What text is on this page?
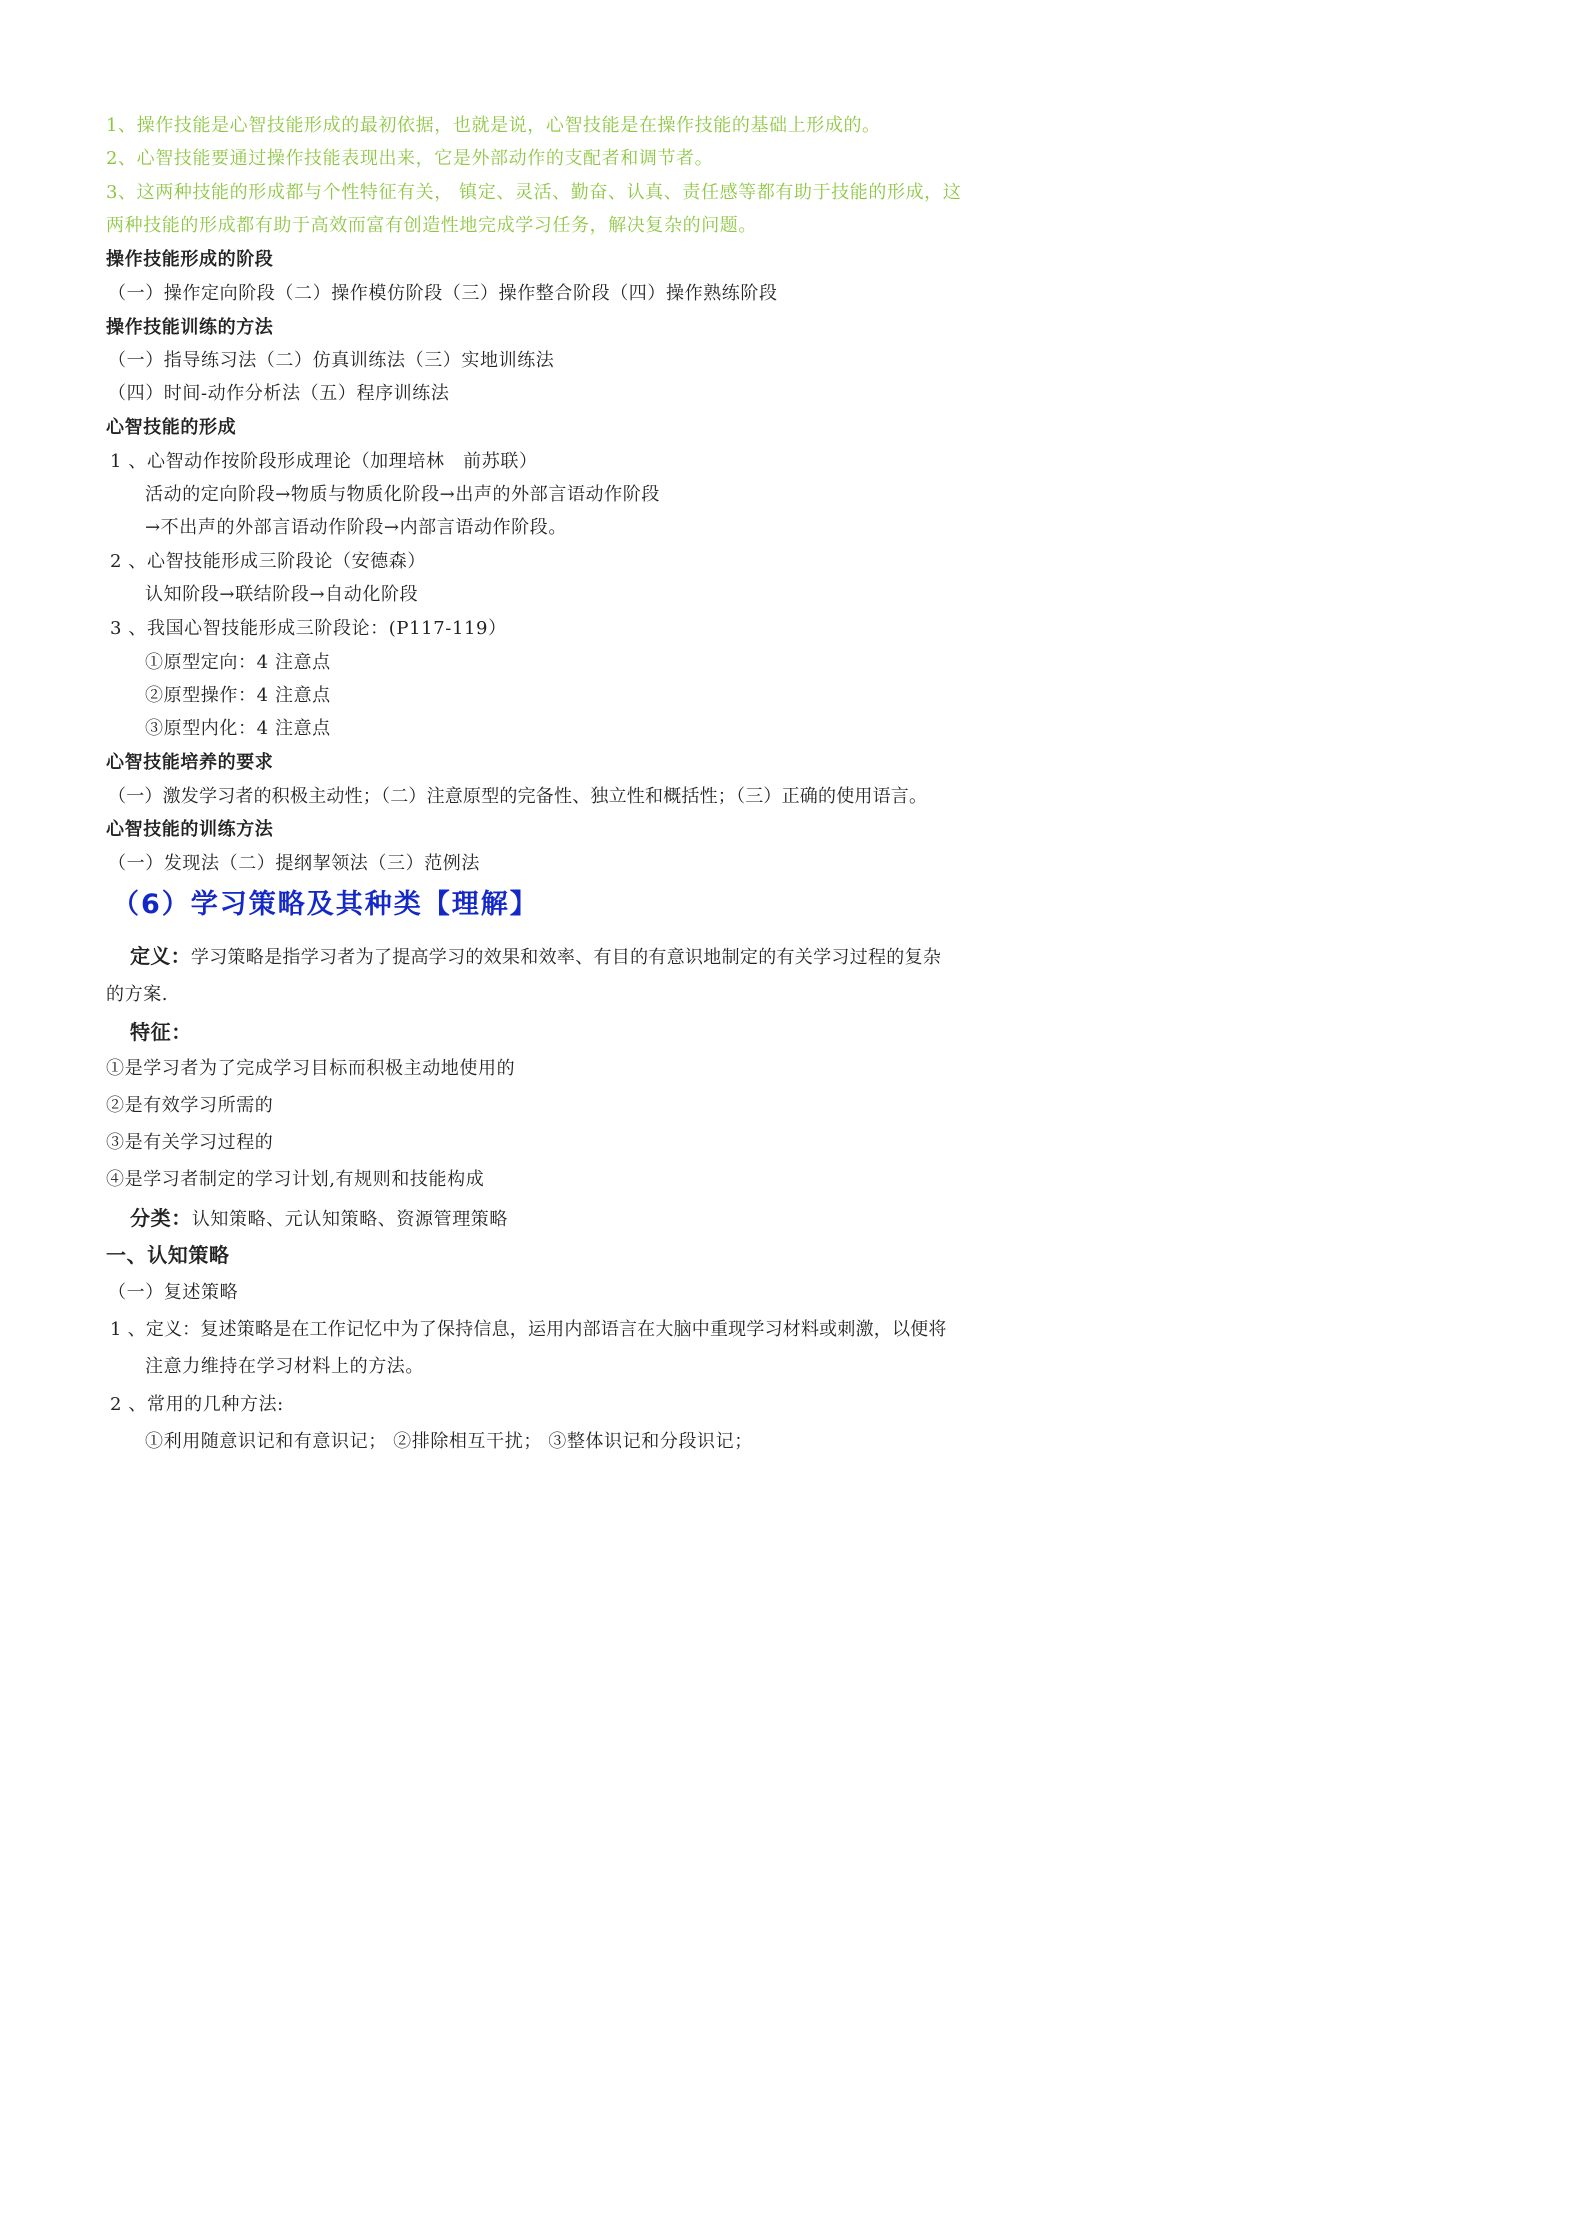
1、操作技能是心智技能形成的最初依据，也就是说，心智技能是在操作技能的基础上形成的。
2、心智技能要通过操作技能表现出来，它是外部动作的支配者和调节者。
3、这两种技能的形成都与个性特征有关， 镇定、灵活、勤奋、认真、责任感等都有助于技能的形成，这
两种技能的形成都有助于高效而富有创造性地完成学习任务，解决复杂的问题。
操作技能形成的阶段
（一）操作定向阶段（二）操作模仿阶段（三）操作整合阶段（四）操作熟练阶段
操作技能训练的方法
（一）指导练习法（二）仿真训练法（三）实地训练法
（四）时间-动作分析法（五）程序训练法
心智技能的形成
1 、心智动作按阶段形成理论（加理培林　前苏联）
活动的定向阶段→物质与物质化阶段→出声的外部言语动作阶段
→不出声的外部言语动作阶段→内部言语动作阶段。
2 、心智技能形成三阶段论（安德森）
认知阶段→联结阶段→自动化阶段
3 、我国心智技能形成三阶段论：(P117-119）
①原型定向：4 注意点
②原型操作：4 注意点
③原型内化：4 注意点
心智技能培养的要求
（一）激发学习者的积极主动性；（二）注意原型的完备性、独立性和概括性；（三）正确的使用语言。
心智技能的训练方法
（一）发现法（二）提纲挈领法（三）范例法
（6）学习策略及其种类【理解】
定义：学习策略是指学习者为了提高学习的效果和效率、有目的有意识地制定的有关学习过程的复杂
的方案.
特征：
①是学习者为了完成学习目标而积极主动地使用的
②是有效学习所需的
③是有关学习过程的
④是学习者制定的学习计划,有规则和技能构成
分类：认知策略、元认知策略、资源管理策略
一、认知策略
（一）复述策略
1 、定义：复述策略是在工作记忆中为了保持信息，运用内部语言在大脑中重现学习材料或刺激，以便将
注意力维持在学习材料上的方法。
2 、常用的几种方法:
①利用随意识记和有意识记； ②排除相互干扰； ③整体识记和分段识记；
